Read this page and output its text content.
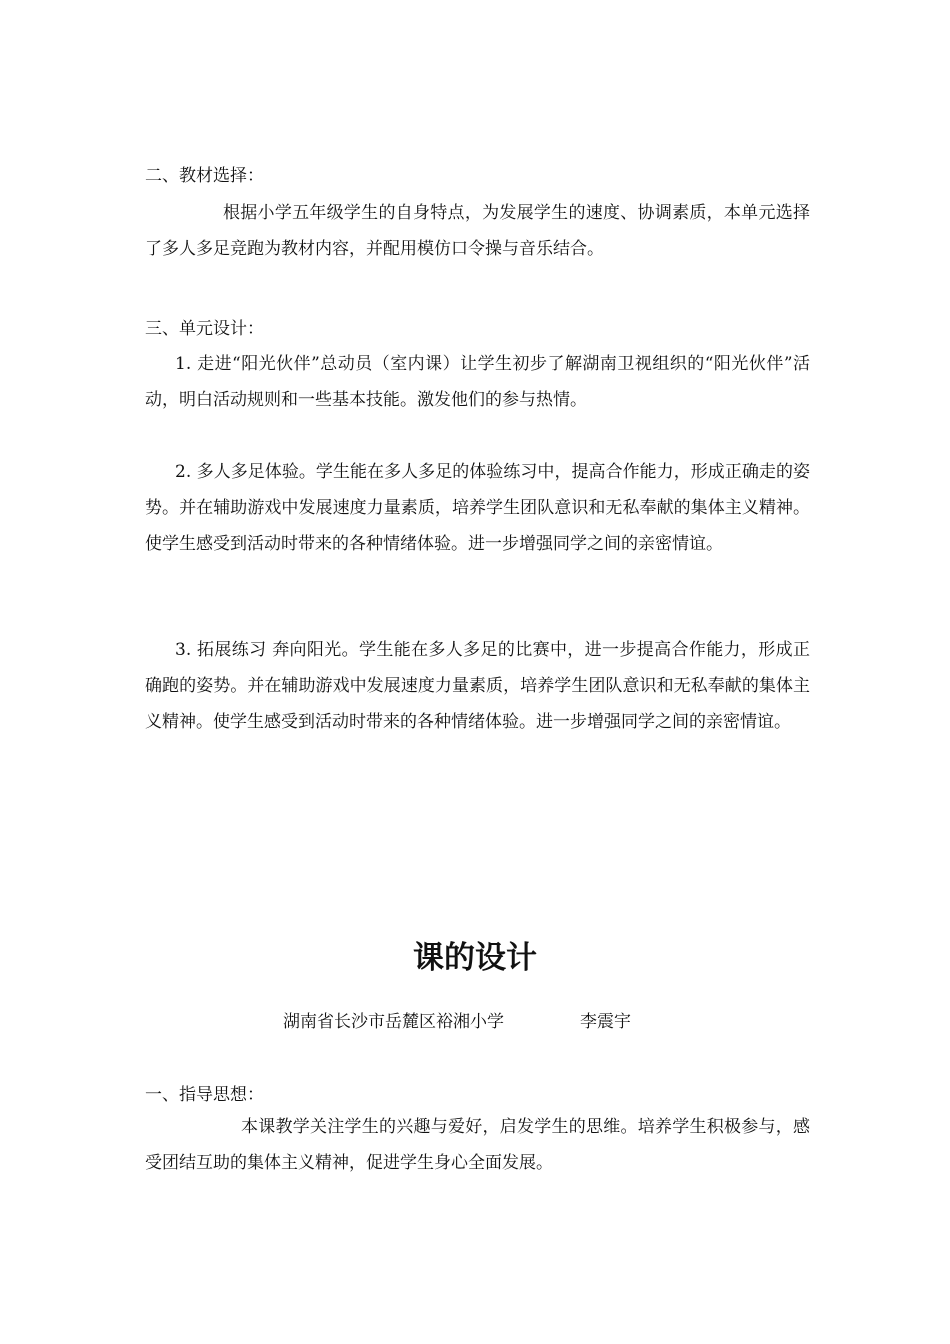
二、教材选择：

根据小学五年级学生的自身特点，为发展学生的速度、协调素质，本单元选择了多人多足竞跑为教材内容，并配用模仿口令操与音乐结合。

三、单元设计：

1. 走进“阳光伙伴”总动员（室内课）让学生初步了解湖南卫视组织的“阳光伙伴”活动，明白活动规则和一些基本技能。激发他们的参与热情。

2. 多人多足体验。学生能在多人多足的体验练习中，提高合作能力，形成正确走的姿势。并在辅助游戏中发展速度力量素质，培养学生团队意识和无私奉献的集体主义精神。使学生感受到活动时带来的各种情绪体验。进一步增强同学之间的亲密情谊。

3. 拓展练习 奔向阳光。学生能在多人多足的比赛中，进一步提高合作能力，形成正确跑的姿势。并在辅助游戏中发展速度力量素质，培养学生团队意识和无私奉献的集体主义精神。使学生感受到活动时带来的各种情绪体验。进一步增强同学之间的亲密情谊。

课的设计
湖南省长沙市岳麓区裕湘小学	李震宇

一、指导思想：

本课教学关注学生的兴趣与爱好，启发学生的思维。培养学生积极参与，感受团结互助的集体主义精神，促进学生身心全面发展。
